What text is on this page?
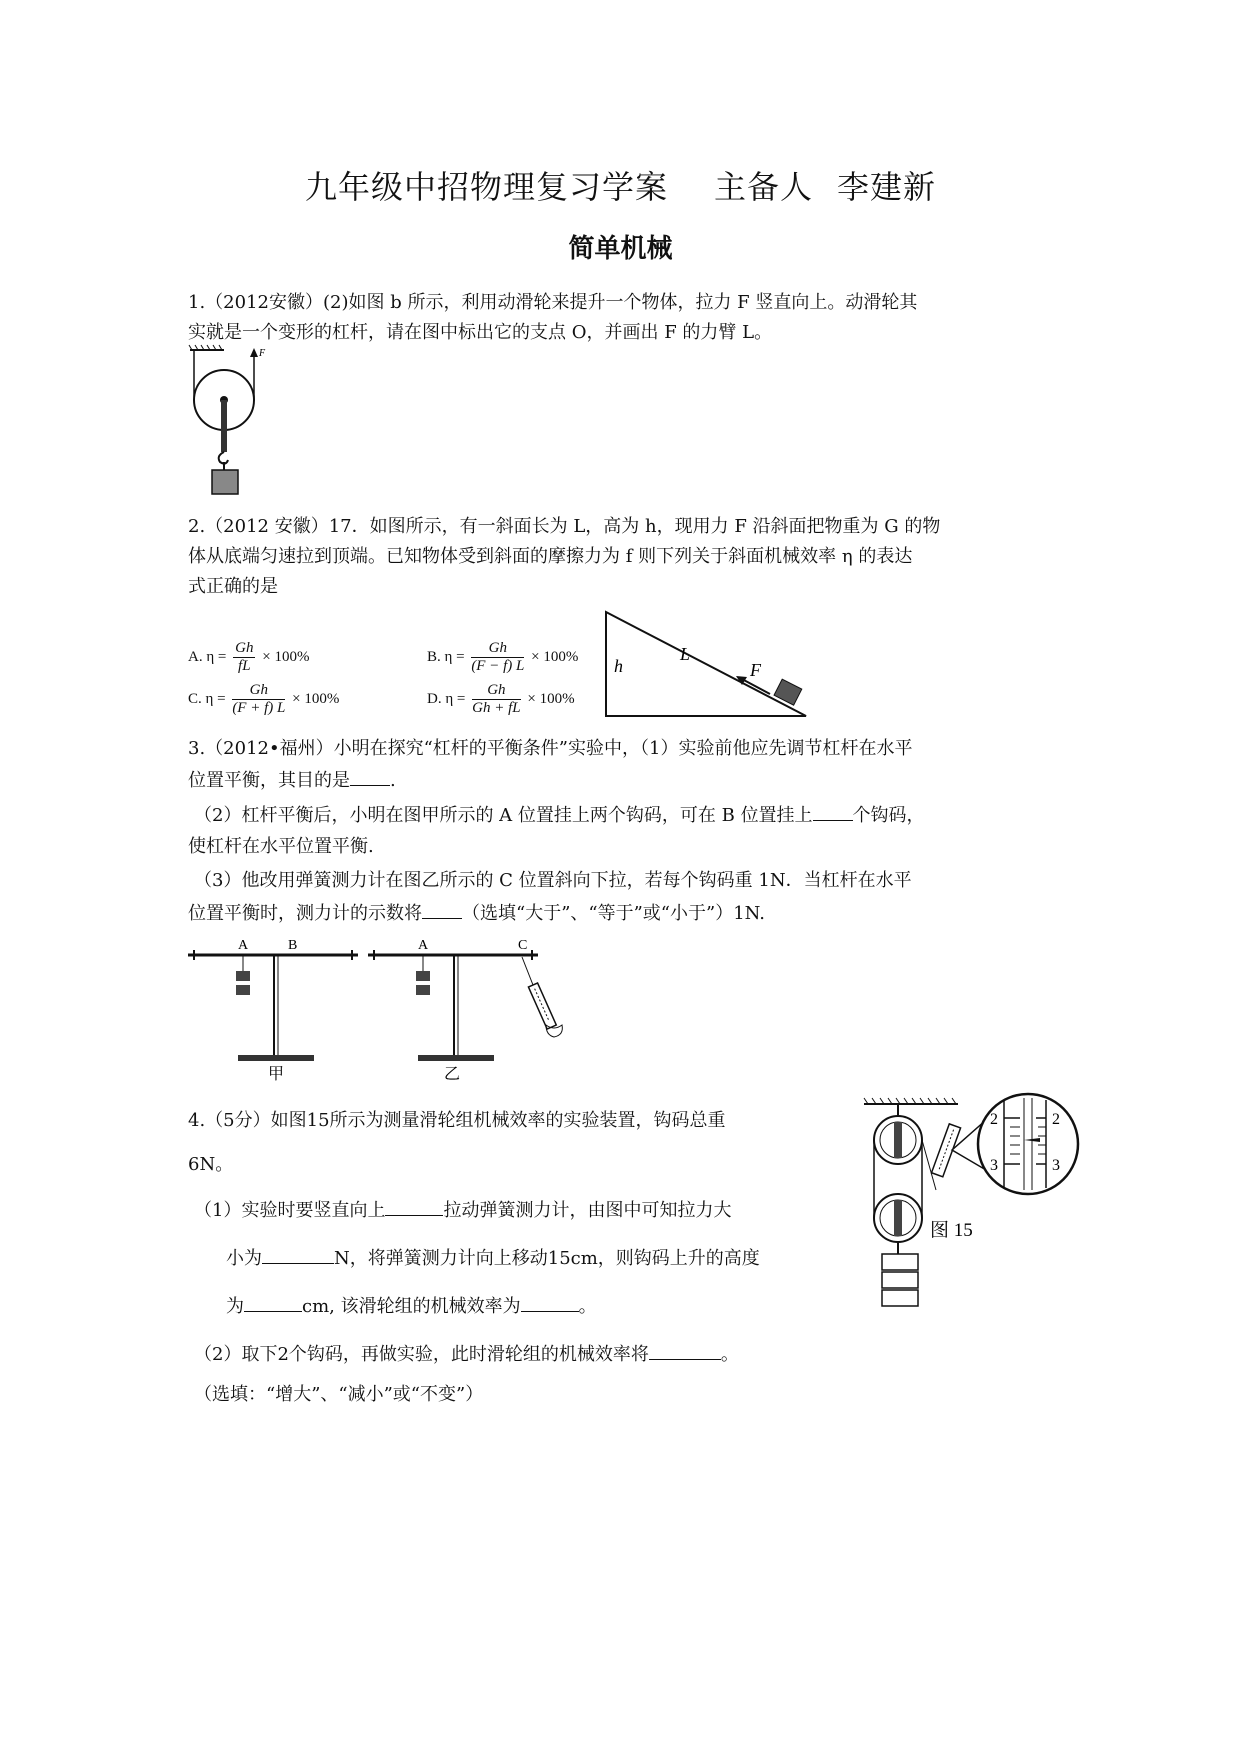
九年级中招物理复习学案 主备人 李建新
简单机械
1.（2012安徽）(2)如图 b 所示，利用动滑轮来提升一个物体，拉力 F 竖直向上。动滑轮其
实就是一个变形的杠杆，请在图中标出它的支点 O，并画出 F 的力臂 L。
F
2.（2012 安徽）17．如图所示，有一斜面长为 L，高为 h，现用力 F 沿斜面把物重为 G 的物
体从底端匀速拉到顶端。已知物体受到斜面的摩擦力为 f 则下列关于斜面机械效率 η 的表达
式正确的是
A. $\eta = \frac{Gh}{fL} \times 100\%$	B. $\eta = \frac{Gh}{(F - f) L} \times 100\%$
C. $\eta = \frac{Gh}{(F + f) L} \times 100\%$	D. $\eta = \frac{Gh}{Gh + fL} \times 100\%$
h
L
F
3.（2012•福州）小明在探究“杠杆的平衡条件”实验中，（1）实验前他应先调节杠杆在水平
位置平衡，其目的是 .
（2）杠杆平衡后，小明在图甲所示的 A 位置挂上两个钩码，可在 B 位置挂上 个钩码，
使杠杆在水平位置平衡.
（3）他改用弹簧测力计在图乙所示的 C 位置斜向下拉，若每个钩码重 1N．当杠杆在水平
位置平衡时，测力计的示数将 （选填“大于”、“等于”或“小于”）1N.
A	B
甲
A	C
乙
4.（5分）如图15所示为测量滑轮组机械效率的实验装置，钩码总重
6N。
（1）实验时要竖直向上	拉动弹簧测力计，由图中可知拉力大
小为	N，将弹簧测力计向上移动15cm，则钩码上升的高度
为	cm, 该滑轮组的机械效率为	。
（2）取下2个钩码，再做实验，此时滑轮组的机械效率将	。
（选填：“增大”、“减小”或“不变”）
2	2
3	3
图 15
